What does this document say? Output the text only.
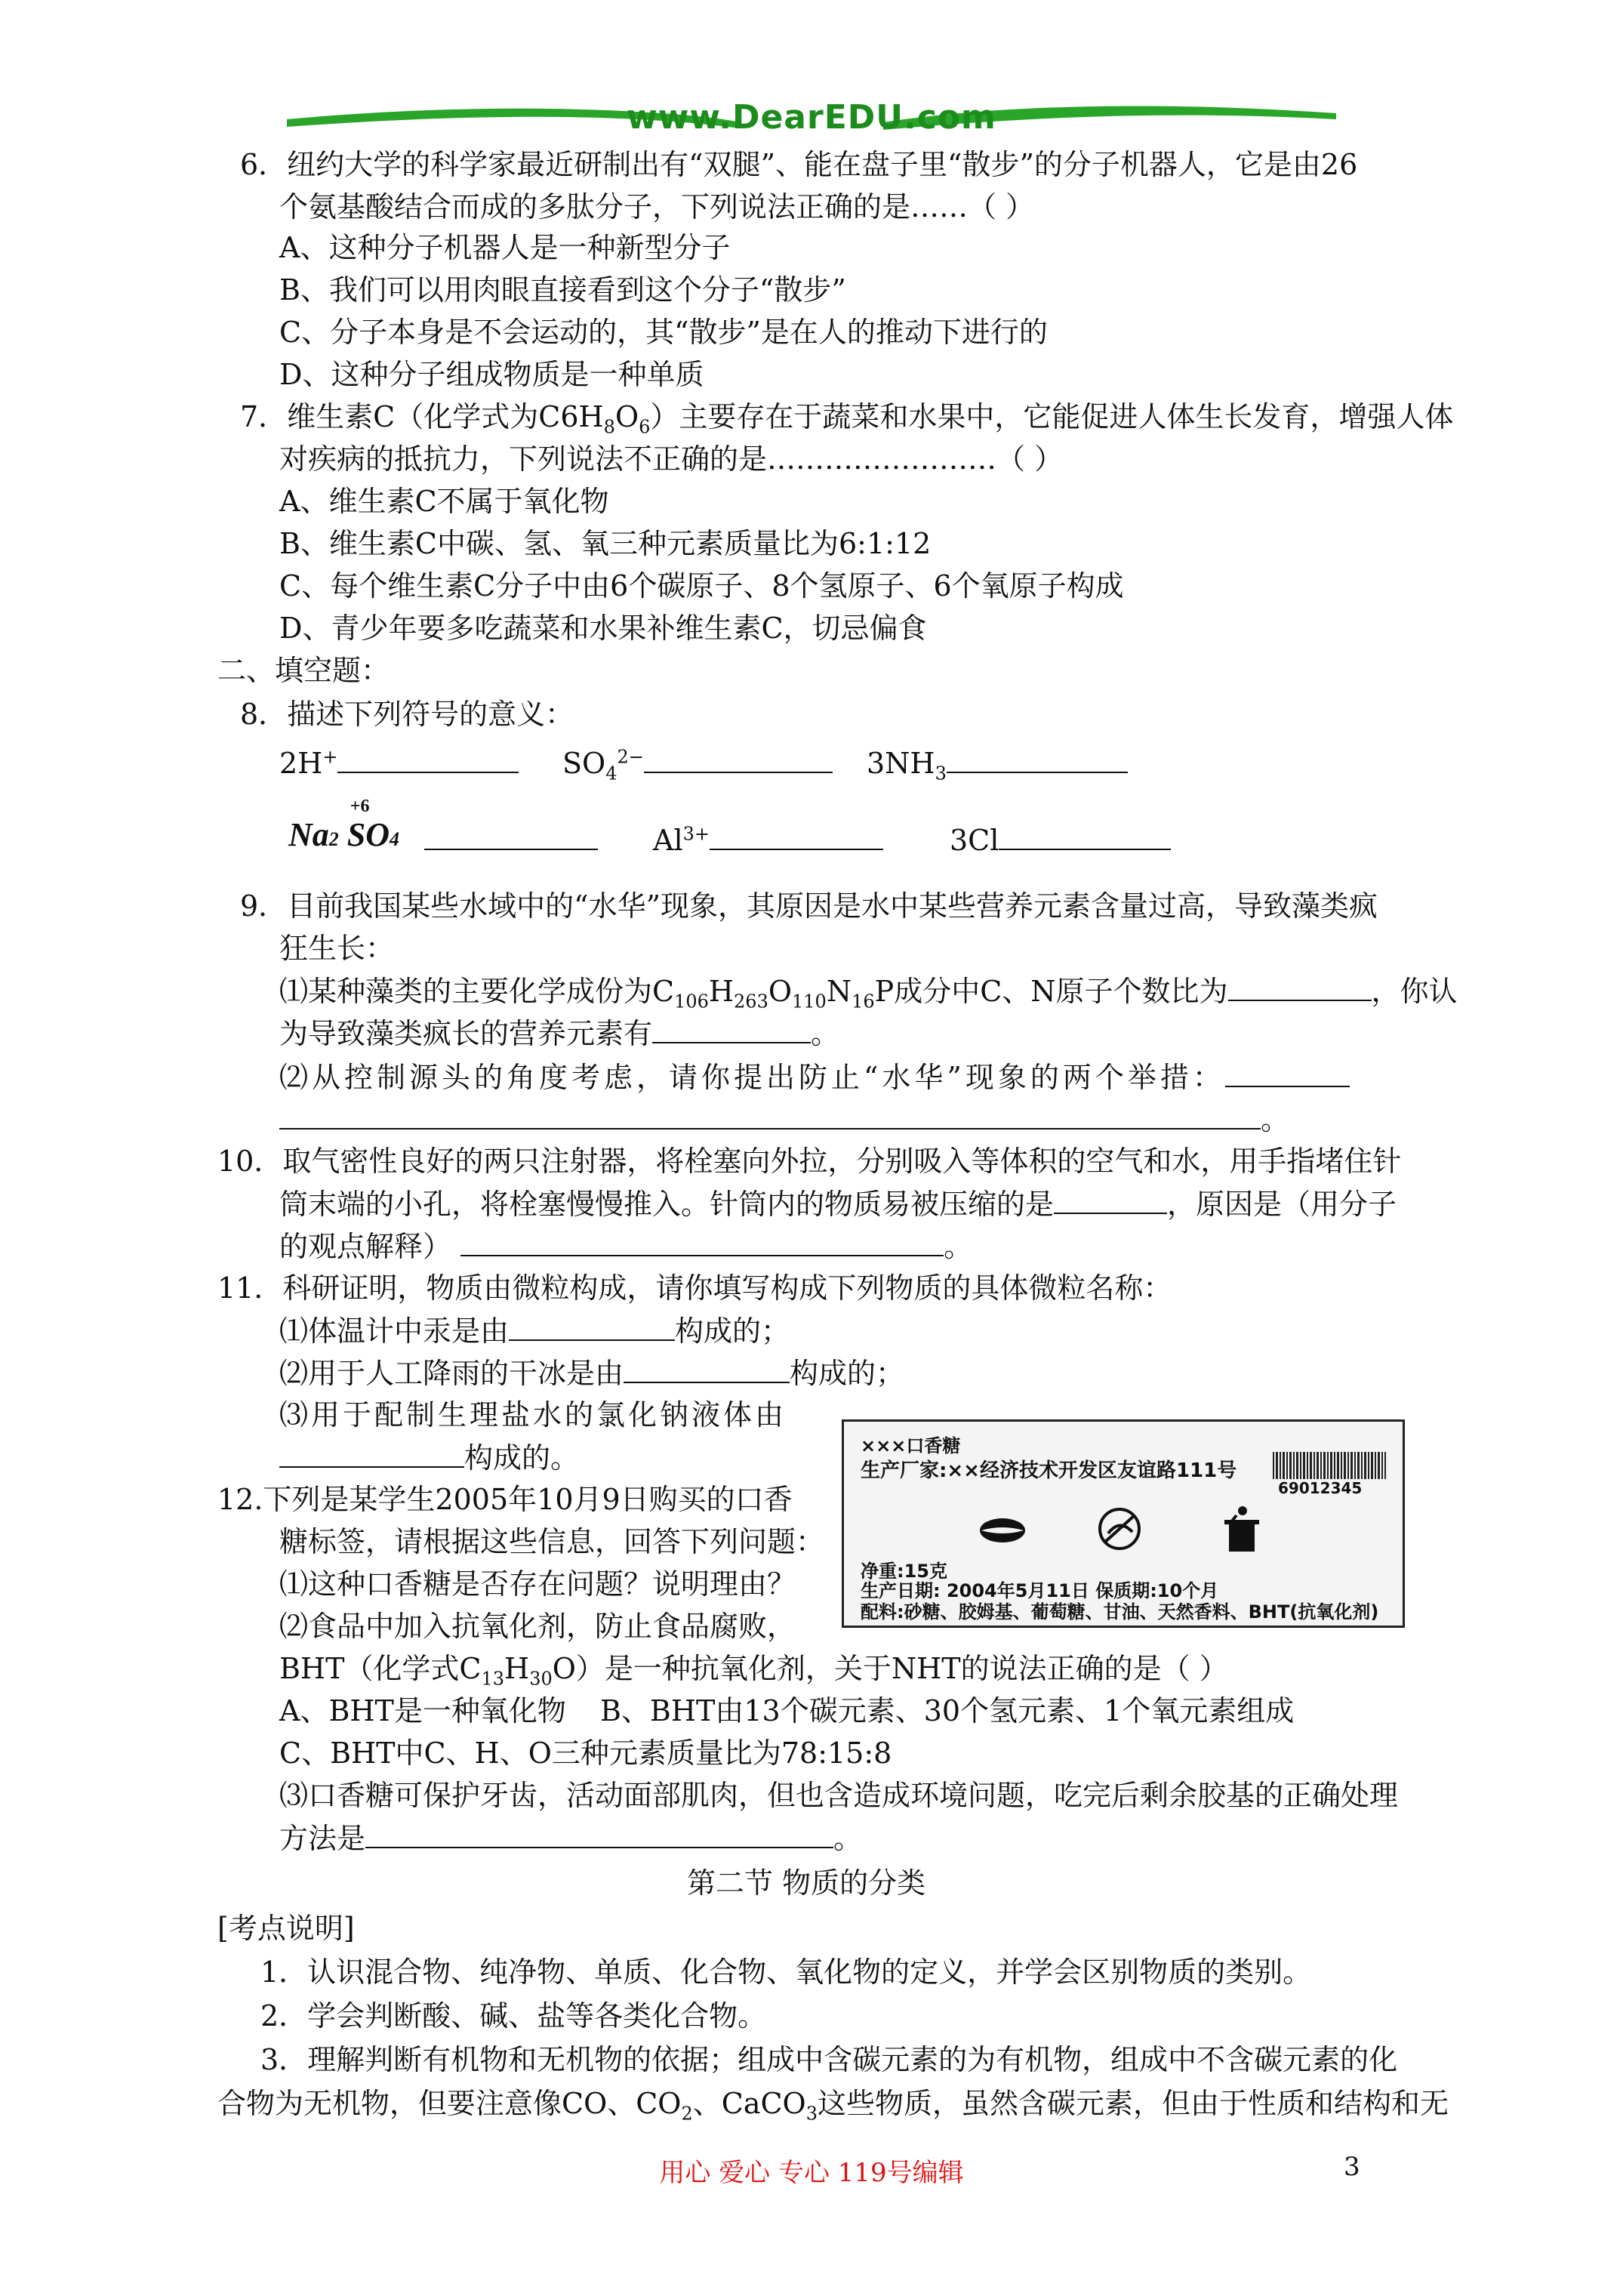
www.DearEDU.com
6．纽约大学的科学家最近研制出有“双腿”、能在盘子里“散步”的分子机器人，它是由26
个氨基酸结合而成的多肽分子，下列说法正确的是……（ ）
A、这种分子机器人是一种新型分子
B、我们可以用肉眼直接看到这个分子“散步”
C、分子本身是不会运动的，其“散步”是在人的推动下进行的
D、这种分子组成物质是一种单质
7．维生素C（化学式为$C6H_8O_6$）主要存在于蔬菜和水果中，它能促进人体生长发育，增强人体
对疾病的抵抗力，下列说法不正确的是……………………（ ）
A、维生素C不属于氧化物
B、维生素C中碳、氢、氧三种元素质量比为6:1:12
C、每个维生素C分子中由6个碳原子、8个氢原子、6个氧原子构成
D、青少年要多吃蔬菜和水果补维生素C，切忌偏食
二、填空题：
8．描述下列符号的意义：
2H+	$SO_4^{2-}$	$3NH_3$
Na2 S
+6
O4	$Al^{3+}$	3Cl
9．目前我国某些水域中的“水华”现象，其原因是水中某些营养元素含量过高，导致藻类疯
狂生长：
⑴某种藻类的主要化学成份为$C_{106}H_{263}O_{110}N_{16}P$成分中C、N原子个数比为	，你认
为导致藻类疯长的营养元素有	。
⑵从控制源头的角度考虑，请你提出防止“水华”现象的两个举措：
。
10．取气密性良好的两只注射器，将栓塞向外拉，分别吸入等体积的空气和水，用手指堵住针
筒末端的小孔，将栓塞慢慢推入。针筒内的物质易被压缩的是	，原因是（用分子
的观点解释）	。
11．科研证明，物质由微粒构成，请你填写构成下列物质的具体微粒名称：
⑴体温计中汞是由	构成的；
⑵用于人工降雨的干冰是由	构成的；
⑶用于配制生理盐水的氯化钠液体由
构成的。
12.下列是某学生2005年10月9日购买的口香
糖标签，请根据这些信息，回答下列问题：
⑴这种口香糖是否存在问题？说明理由？
⑵食品中加入抗氧化剂，防止食品腐败，
BHT（化学式$C_{13}H_{30}O$）是一种抗氧化剂，关于NHT的说法正确的是（ ）
A、BHT是一种氧化物 B、BHT由13个碳元素、30个氢元素、1个氧元素组成
C、BHT中C、H、O三种元素质量比为78:15:8
⑶口香糖可保护牙齿，活动面部肌肉，但也含造成环境问题，吃完后剩余胶基的正确处理
方法是	。
×××口香糖
生产厂家:××经济技术开发区友谊路111号
69012345
净重:15克
生产日期: 2004年5月11日 保质期:10个月
配料:砂糖、胶姆基、葡萄糖、甘油、天然香料、BHT(抗氧化剂)
第二节 物质的分类
[考点说明]
1．认识混合物、纯净物、单质、化合物、氧化物的定义，并学会区别物质的类别。
2．学会判断酸、碱、盐等各类化合物。
3．理解判断有机物和无机物的依据；组成中含碳元素的为有机物，组成中不含碳元素的化
合物为无机物，但要注意像CO、$CO_2$、CaCO$_3$这些物质，虽然含碳元素，但由于性质和结构和无
用心 爱心 专心 119号编辑	3
